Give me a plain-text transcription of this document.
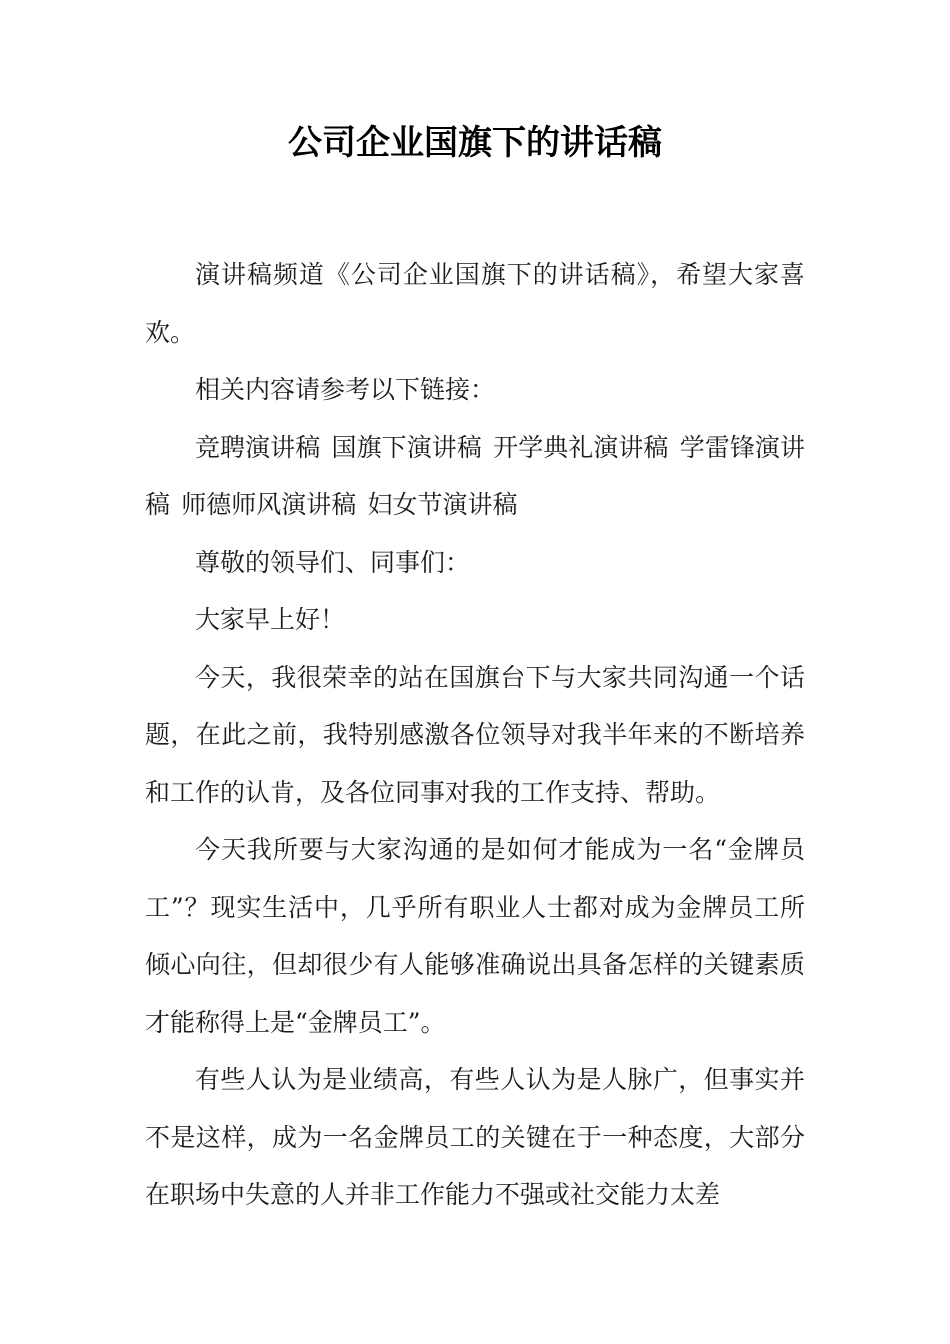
公司企业国旗下的讲话稿

演讲稿频道《公司企业国旗下的讲话稿》，希望大家喜欢。

相关内容请参考以下链接：

竞聘演讲稿 国旗下演讲稿 开学典礼演讲稿 学雷锋演讲稿 师德师风演讲稿 妇女节演讲稿

尊敬的领导们、同事们：

大家早上好！

今天，我很荣幸的站在国旗台下与大家共同沟通一个话题，在此之前，我特别感激各位领导对我半年来的不断培养和工作的认肯，及各位同事对我的工作支持、帮助。

今天我所要与大家沟通的是如何才能成为一名“金牌员工”？现实生活中，几乎所有职业人士都对成为金牌员工所倾心向往，但却很少有人能够准确说出具备怎样的关键素质才能称得上是“金牌员工”。

有些人认为是业绩高，有些人认为是人脉广，但事实并不是这样，成为一名金牌员工的关键在于一种态度，大部分在职场中失意的人并非工作能力不强或社交能力太差
